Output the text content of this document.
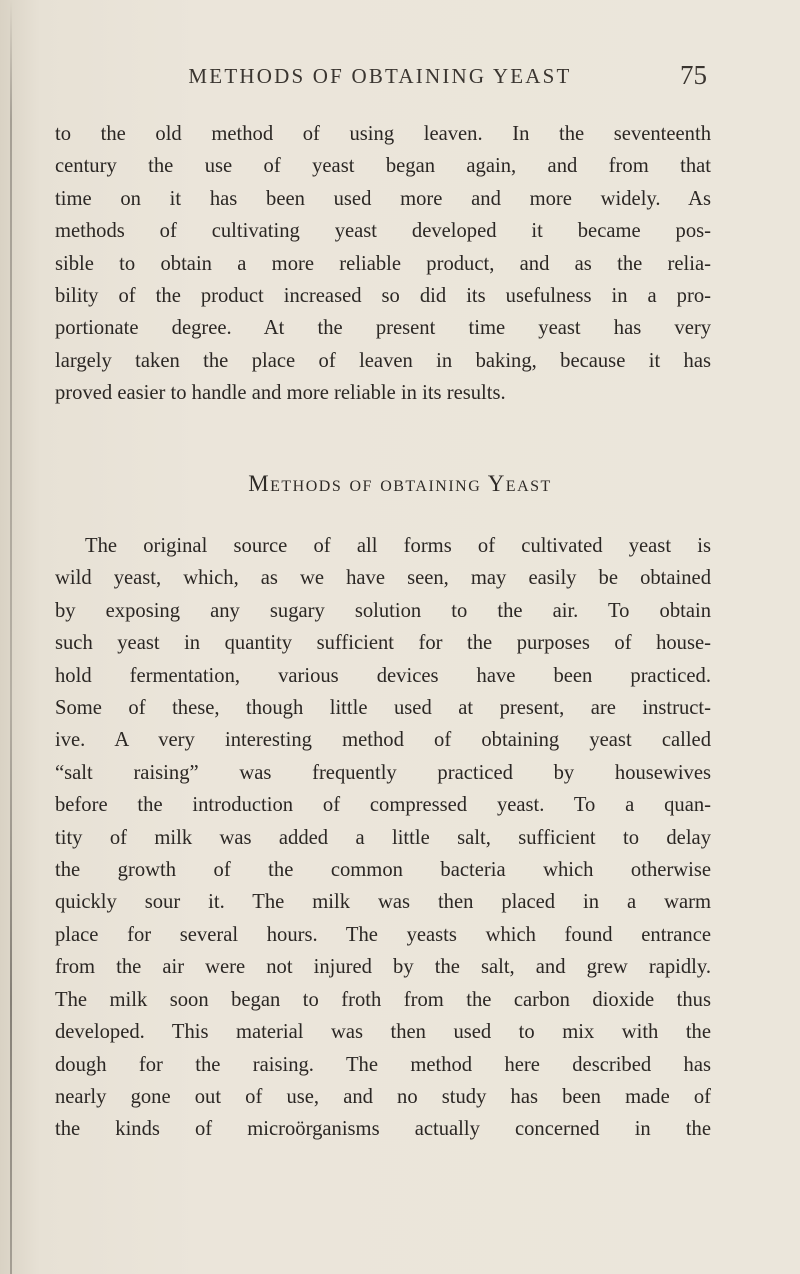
METHODS OF OBTAINING YEAST	75
to the old method of using leaven. In the seventeenth
century the use of yeast began again, and from that
time on it has been used more and more widely. As
methods of cultivating yeast developed it became pos-
sible to obtain a more reliable product, and as the relia-
bility of the product increased so did its usefulness in a pro-
portionate degree. At the present time yeast has very
largely taken the place of leaven in baking, because it has
proved easier to handle and more reliable in its results.
Methods of obtaining Yeast
The original source of all forms of cultivated yeast is
wild yeast, which, as we have seen, may easily be obtained
by exposing any sugary solution to the air. To obtain
such yeast in quantity sufficient for the purposes of house-
hold fermentation, various devices have been practiced.
Some of these, though little used at present, are instruct-
ive. A very interesting method of obtaining yeast called
“salt raising” was frequently practiced by housewives
before the introduction of compressed yeast. To a quan-
tity of milk was added a little salt, sufficient to delay
the growth of the common bacteria which otherwise
quickly sour it. The milk was then placed in a warm
place for several hours. The yeasts which found entrance
from the air were not injured by the salt, and grew rapidly.
The milk soon began to froth from the carbon dioxide thus
developed. This material was then used to mix with the
dough for the raising. The method here described has
nearly gone out of use, and no study has been made of
the kinds of microörganisms actually concerned in the
